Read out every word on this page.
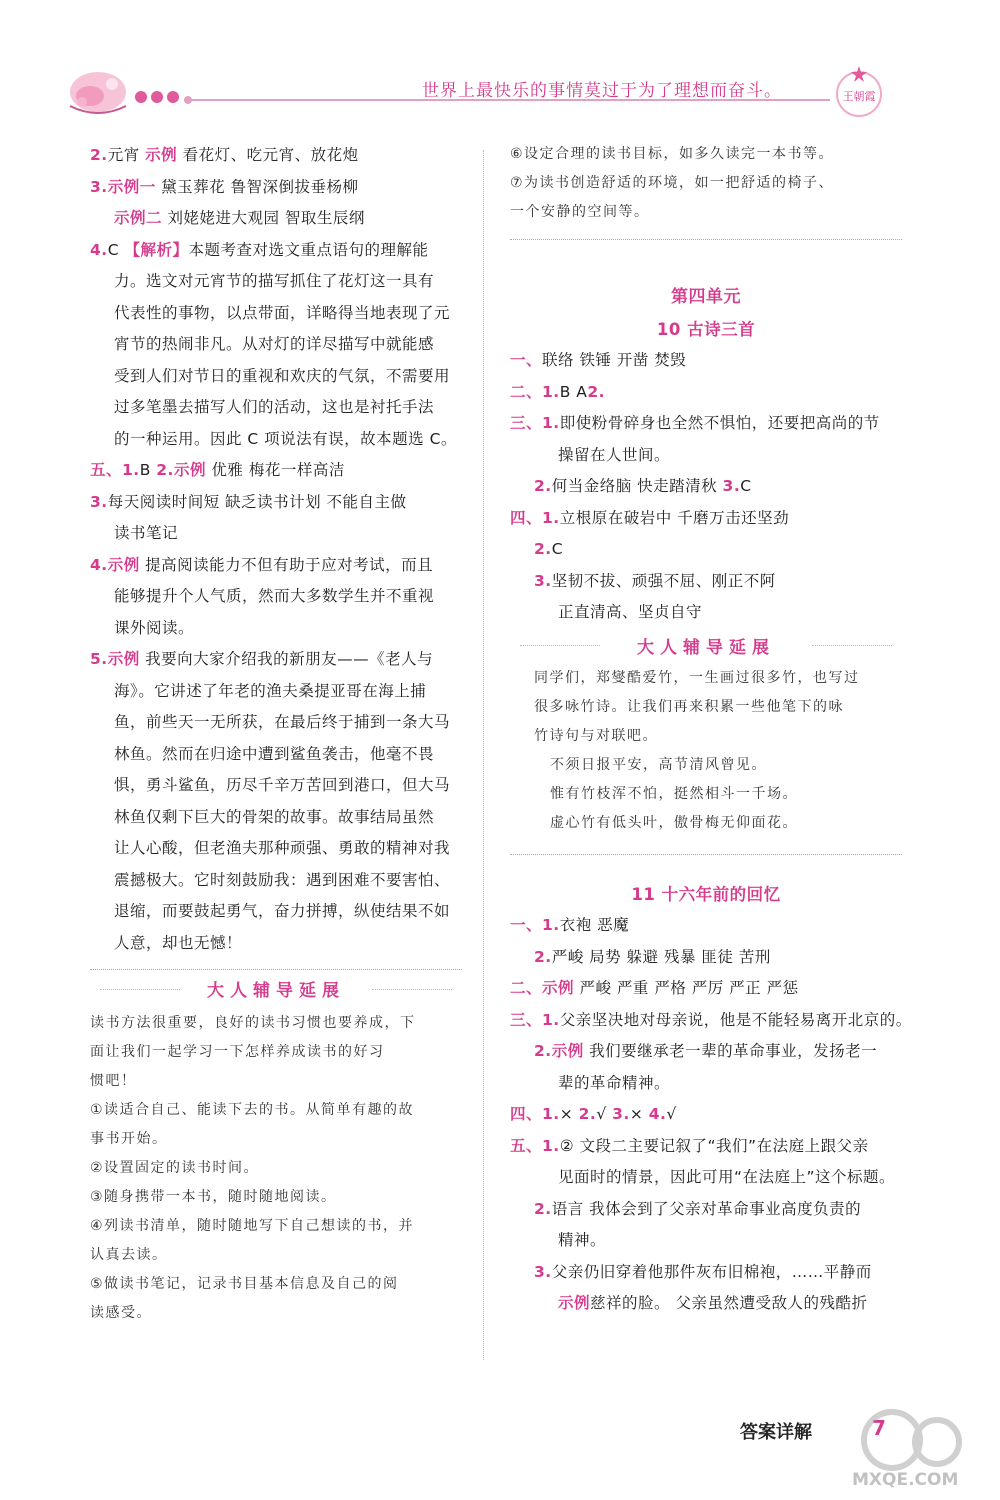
世界上最快乐的事情莫过于为了理想而奋斗。	王朝霞
2.元宵 示例 看花灯、吃元宵、放花炮
3.示例一 黛玉葬花 鲁智深倒拔垂杨柳
示例二 刘姥姥进大观园 智取生辰纲
4.C 【解析】本题考查对选文重点语句的理解能
力。选文对元宵节的描写抓住了花灯这一具有
代表性的事物，以点带面，详略得当地表现了元
宵节的热闹非凡。从对灯的详尽描写中就能感
受到人们对节日的重视和欢庆的气氛，不需要用
过多笔墨去描写人们的活动，这也是衬托手法
的一种运用。因此 C 项说法有误，故本题选 C。
五、1.B 2.示例 优雅 梅花一样高洁
3.每天阅读时间短 缺乏读书计划 不能自主做
读书笔记
4.示例 提高阅读能力不但有助于应对考试，而且
能够提升个人气质，然而大多数学生并不重视
课外阅读。
5.示例 我要向大家介绍我的新朋友——《老人与
海》。它讲述了年老的渔夫桑提亚哥在海上捕
鱼，前些天一无所获，在最后终于捕到一条大马
林鱼。然而在归途中遭到鲨鱼袭击，他毫不畏
惧，勇斗鲨鱼，历尽千辛万苦回到港口，但大马
林鱼仅剩下巨大的骨架的故事。故事结局虽然
让人心酸，但老渔夫那种顽强、勇敢的精神对我
震撼极大。它时刻鼓励我：遇到困难不要害怕、
退缩，而要鼓起勇气，奋力拼搏，纵使结果不如
人意，却也无憾！
大人辅导延展
读书方法很重要，良好的读书习惯也要养成，下
面让我们一起学习一下怎样养成读书的好习
惯吧！
①读适合自己、能读下去的书。从简单有趣的故
事书开始。
②设置固定的读书时间。
③随身携带一本书，随时随地阅读。
④列读书清单，随时随地写下自己想读的书，并
认真去读。
⑤做读书笔记，记录书目基本信息及自己的阅
读感受。
⑥设定合理的读书目标，如多久读完一本书等。
⑦为读书创造舒适的环境，如一把舒适的椅子、
一个安静的空间等。
第四单元
10 古诗三首
一、联络 铁锤 开凿 焚毁
二、1.B A2.
三、1.即使粉骨碎身也全然不惧怕，还要把高尚的节
操留在人世间。
2.何当金络脑 快走踏清秋 3.C
四、1.立根原在破岩中 千磨万击还坚劲
2.C
3.坚韧不拔、顽强不屈、刚正不阿
正直清高、坚贞自守
大人辅导延展
同学们，郑燮酷爱竹，一生画过很多竹，也写过
很多咏竹诗。让我们再来积累一些他笔下的咏
竹诗句与对联吧。
不须日报平安，高节清风曾见。
惟有竹枝浑不怕，挺然相斗一千场。
虚心竹有低头叶，傲骨梅无仰面花。
11 十六年前的回忆
一、1.衣袍 恶魔
2.严峻 局势 躲避 残暴 匪徒 苦刑
二、示例 严峻 严重 严格 严厉 严正 严惩
三、1.父亲坚决地对母亲说，他是不能轻易离开北京的。
2.示例 我们要继承老一辈的革命事业，发扬老一
辈的革命精神。
四、1.× 2.√ 3.× 4.√
五、1.② 文段二主要记叙了“我们”在法庭上跟父亲
见面时的情景，因此可用“在法庭上”这个标题。
2.语言 我体会到了父亲对革命事业高度负责的
精神。
3.父亲仍旧穿着他那件灰布旧棉袍，……平静而
示例慈祥的脸。 父亲虽然遭受敌人的残酷折
答案详解	7
MXQE.COM
